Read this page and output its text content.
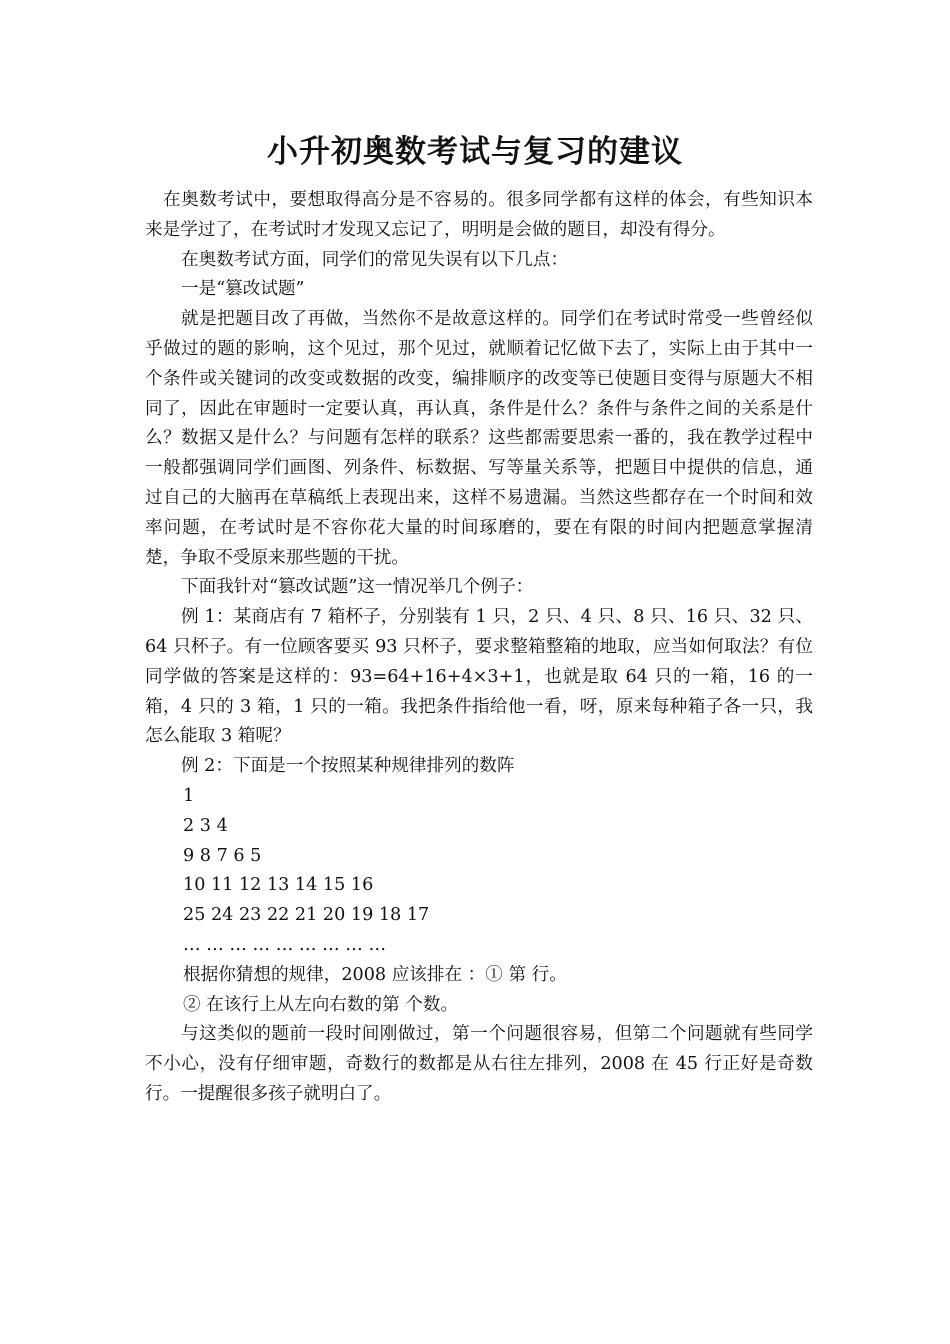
小升初奥数考试与复习的建议

在奥数考试中，要想取得高分是不容易的。很多同学都有这样的体会，有些知识本来是学过了，在考试时才发现又忘记了，明明是会做的题目，却没有得分。

在奥数考试方面，同学们的常见失误有以下几点：

一是“篡改试题”

就是把题目改了再做，当然你不是故意这样的。同学们在考试时常受一些曾经似乎做过的题的影响，这个见过，那个见过，就顺着记忆做下去了，实际上由于其中一个条件或关键词的改变或数据的改变，编排顺序的改变等已使题目变得与原题大不相同了，因此在审题时一定要认真，再认真，条件是什么？条件与条件之间的关系是什么？数据又是什么？与问题有怎样的联系？这些都需要思索一番的，我在教学过程中一般都强调同学们画图、列条件、标数据、写等量关系等，把题目中提供的信息，通过自己的大脑再在草稿纸上表现出来，这样不易遗漏。当然这些都存在一个时间和效率问题，在考试时是不容你花大量的时间琢磨的，要在有限的时间内把题意掌握清楚，争取不受原来那些题的干扰。

下面我针对“篡改试题”这一情况举几个例子：

例 1：某商店有 7 箱杯子，分别装有 1 只，2 只、4 只、8 只、16 只、32 只、64 只杯子。有一位顾客要买 93 只杯子，要求整箱整箱的地取，应当如何取法？有位同学做的答案是这样的：93=64+16+4×3+1，也就是取 64 只的一箱，16 的一箱，4 只的 3 箱，1 只的一箱。我把条件指给他一看，呀，原来每种箱子各一只，我怎么能取 3 箱呢？

例 2：下面是一个按照某种规律排列的数阵

1

2 3 4

9 8 7 6 5

10 11 12 13 14 15 16

25 24 23 22 21 20 19 18 17

… … … … … … … … …

根据你猜想的规律，2008 应该排在 ：① 第 行。

② 在该行上从左向右数的第 个数。

与这类似的题前一段时间刚做过，第一个问题很容易，但第二个问题就有些同学不小心，没有仔细审题，奇数行的数都是从右往左排列，2008 在 45 行正好是奇数行。一提醒很多孩子就明白了。
